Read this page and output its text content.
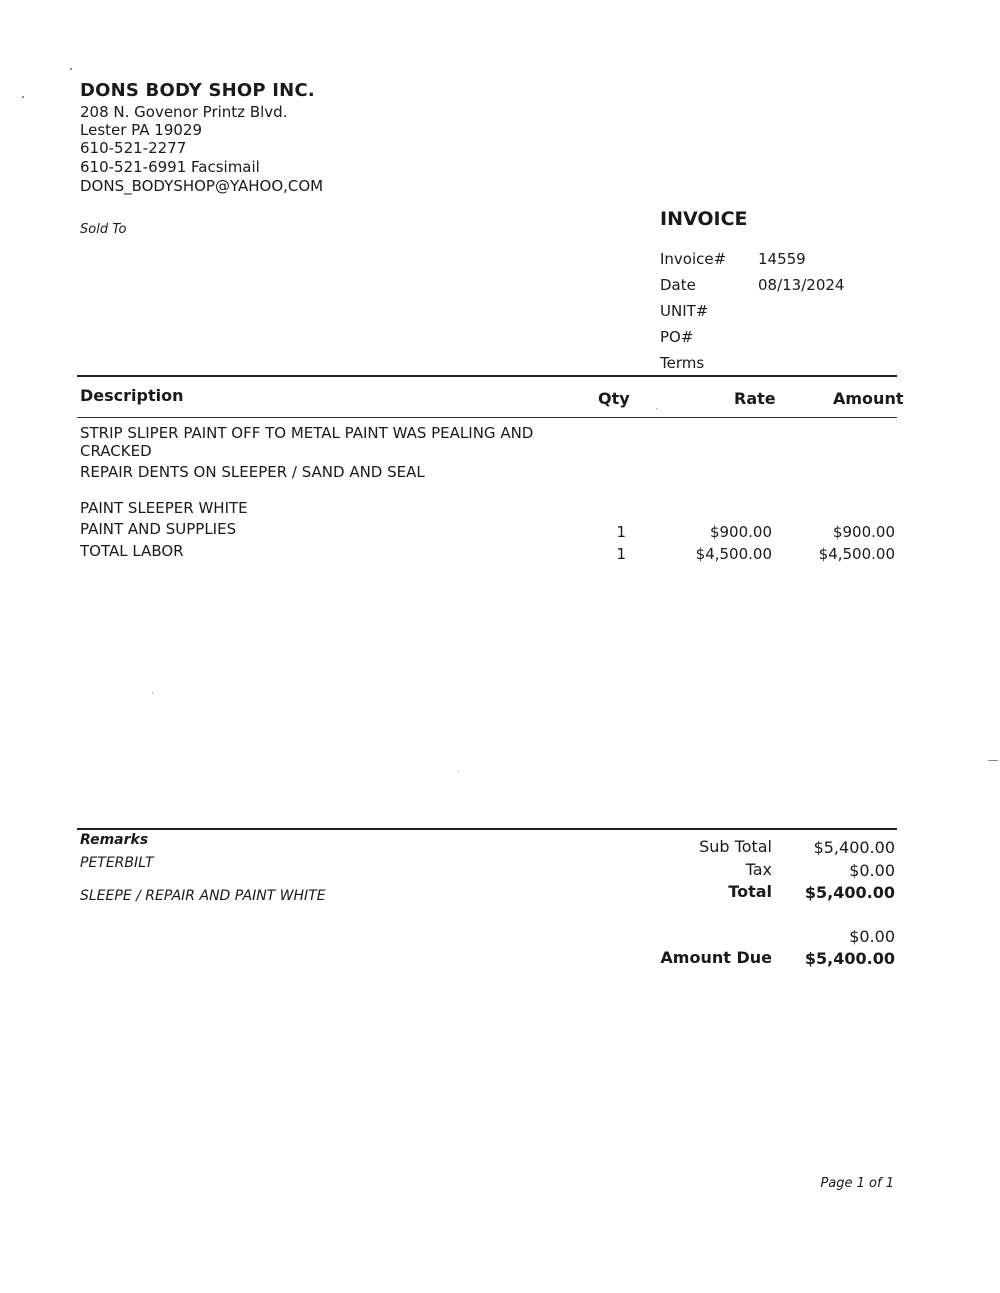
DONS BODY SHOP INC.
208 N. Govenor Printz Blvd.
Lester PA 19029
610-521-2277
610-521-6991 Facsimail
DONS_BODYSHOP@YAHOO,COM
Sold To	INVOICE
Invoice# 14559
Date	08/13/2024
UNIT#
PO#
Terms
Description	Qty	Rate	Amount
STRIP SLIPER PAINT OFF TO METAL PAINT WAS PEALING AND
CRACKED
REPAIR DENTS ON SLEEPER / SAND AND SEAL
PAINT SLEEPER WHITE
PAINT AND SUPPLIES	1	$900.00	$900.00
TOTAL LABOR	1	$4,500.00	$4,500.00
Remarks
PETERBILT
SLEEPE / REPAIR AND PAINT WHITE
Sub Total	$5,400.00
Tax	$0.00
Total	$5,400.00
$0.00
Amount Due	$5,400.00
Page 1 of 1
